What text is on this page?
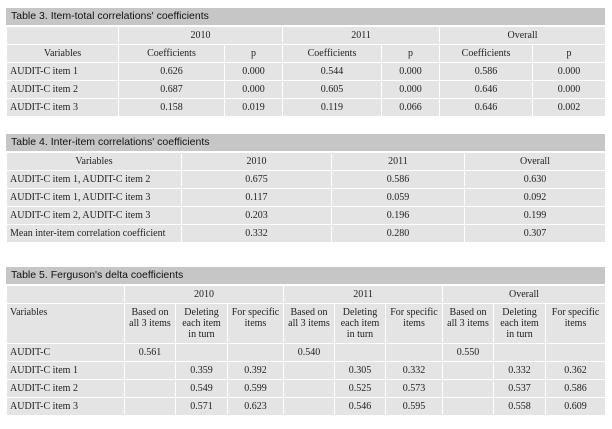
Table 3. Item-total correlations' coefficients
	2010		2011		Overall	
Variables	Coefficients	p	Coefficients	p	Coefficients	p
AUDIT-C item 1	0.626	0.000	0.544	0.000	0.586	0.000
AUDIT-C item 2	0.687	0.000	0.605	0.000	0.646	0.000
AUDIT-C item 3	0.158	0.019	0.119	0.066	0.646	0.002
Table 4. Inter-item correlations' coefficients
Variables	2010	2011	Overall
AUDIT-C item 1, AUDIT-C item 2	0.675	0.586	0.630
AUDIT-C item 1, AUDIT-C item 3	0.117	0.059	0.092
AUDIT-C item 2, AUDIT-C item 3	0.203	0.196	0.199
Mean inter-item correlation coefficient	0.332	0.280	0.307
Table 5. Ferguson's delta coefficients
	2010			2011			Overall		
Variables	Based on all 3 items	Deleting each item in turn	For specific items	Based on all 3 items	Deleting each item in turn	For specific items	Based on all 3 items	Deleting each item in turn	For specific items
AUDIT-C	0.561			0.540			0.550		
AUDIT-C item 1		0.359	0.392		0.305	0.332		0.332	0.362
AUDIT-C item 2		0.549	0.599		0.525	0.573		0.537	0.586
AUDIT-C item 3		0.571	0.623		0.546	0.595		0.558	0.609
